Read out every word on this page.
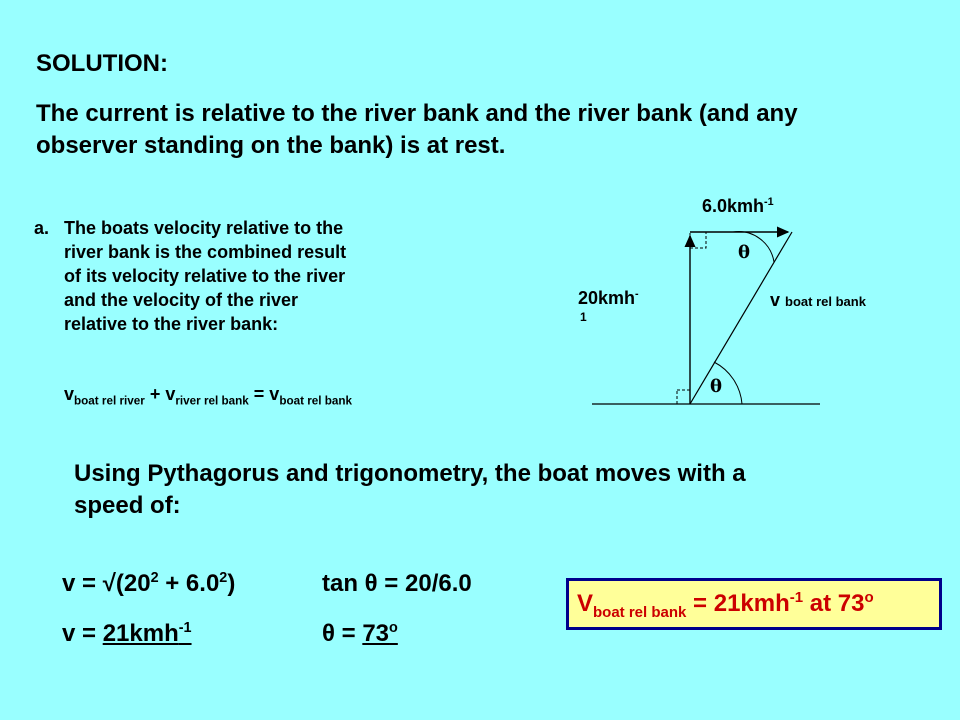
SOLUTION:
The current is relative to the river bank and the river bank (and any
observer standing on the bank) is at rest.
a. The boats velocity relative to the
river bank is the combined result
of its velocity relative to the river
and the velocity of the river
relative to the river bank:
$v_{boat rel river} + v_{river rel bank} = v_{boat rel bank}$
6.0kmh$^{-1}$
20kmh-
1
v boat rel bank
θ
θ
Using Pythagorus and trigonometry, the boat moves with a
speed of:
$v = √(20^2 + 6.0^2)$	tan θ = 20/6.0
v = 21kmh$^{-1}$	$\theta = 73^o$
$V_{boat rel bank} = 21kmh^{-1}$ at 73$^o$
